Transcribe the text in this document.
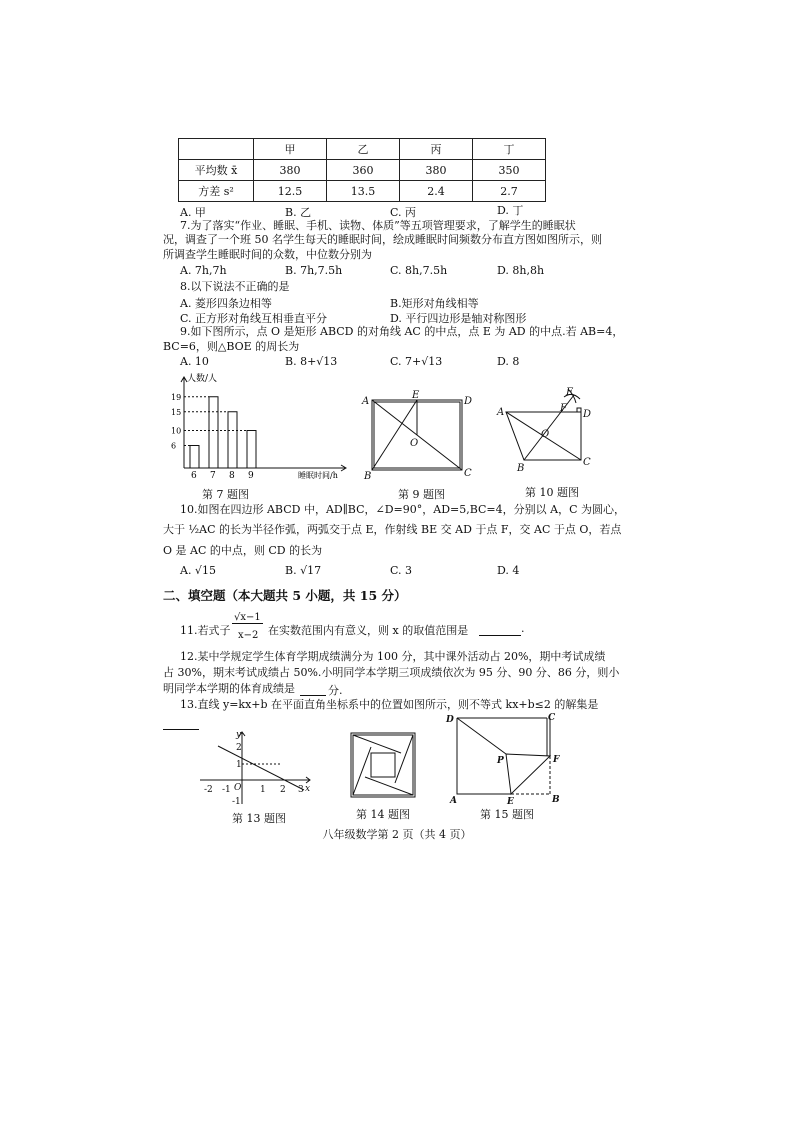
	甲	乙	丙	丁
平均数 x̄	380	360	380	350
方差 s²	12.5	13.5	2.4	2.7
A. 甲	B. 乙	C. 丙	D. 丁
7.为了落实“作业、睡眠、手机、读物、体质”等五项管理要求，了解学生的睡眠状
况，调查了一个班 50 名学生每天的睡眠时间，绘成睡眠时间频数分布直方图如图所示，则
所调查学生睡眠时间的众数，中位数分别为
A. 7h,7h	B. 7h,7.5h	C. 8h,7.5h	D. 8h,8h
8.以下说法不正确的是
A. 菱形四条边相等	B.矩形对角线相等
C. 正方形对角线互相垂直平分	D. 平行四边形是轴对称图形
9.如下图所示，点 O 是矩形 ABCD 的对角线 AC 的中点，点 E 为 AD 的中点.若 AB=4，
BC=6，则△BOE 的周长为
A. 10	B. 8+√13	C. 7+√13	D. 8
人数/人
睡眠时间/h
6 7 8 9
6
10
15
19
第 7 题图
A	D
B	C
E
O
第 9 题图
A	D
B
C
E
F
O
第 10 题图
10.如图在四边形 ABCD 中，AD∥BC，∠D=90°，AD=5,BC=4，分别以 A，C 为圆心，
大于 ½AC 的长为半径作弧，两弧交于点 E，作射线 BE 交 AD 于点 F，交 AC 于点 O，若点
O 是 AC 的中点，则 CD 的长为
A. √15	B. √17	C. 3	D. 4
二、填空题（本大题共 5 小题，共 15 分）
11.若式子
√x−1
x−2 在实数范围内有意义，则 x 的取值范围是	.
12.某中学规定学生体育学期成绩满分为 100 分，其中课外活动占 20%，期中考试成绩
占 30%，期末考试成绩占 50%.小明同学本学期三项成绩依次为 95 分、90 分、86 分，则小
明同学本学期的体育成绩是
	分.
13.直线 y=kx+b 在平面直角坐标系中的位置如图所示，则不等式 kx+b≤2 的解集是

y
x
O
-2 -1	1 2 3
2
1
-1
第 13 题图	第 14 题图
D	C
F
P
A	E	B
第 15 题图
八年级数学第 2 页（共 4 页）
